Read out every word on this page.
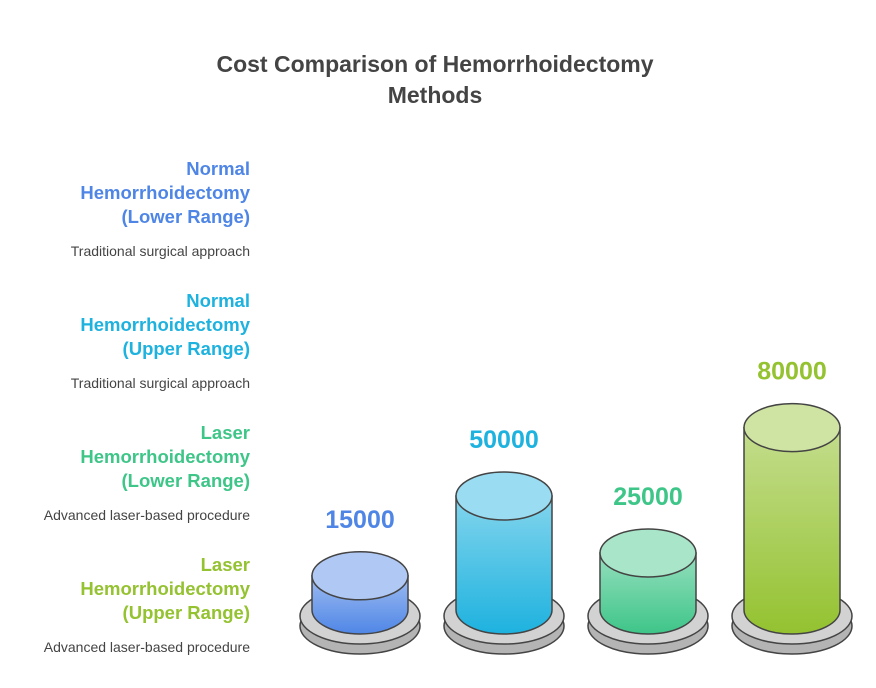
Cost Comparison of Hemorrhoidectomy
Methods
Normal
Hemorrhoidectomy
(Lower Range)
Traditional surgical approach
Normal
Hemorrhoidectomy
(Upper Range)
Traditional surgical approach
Laser
Hemorrhoidectomy
(Lower Range)
Advanced laser-based procedure
Laser
Hemorrhoidectomy
(Upper Range)
Advanced laser-based procedure
15000
50000
25000
80000
